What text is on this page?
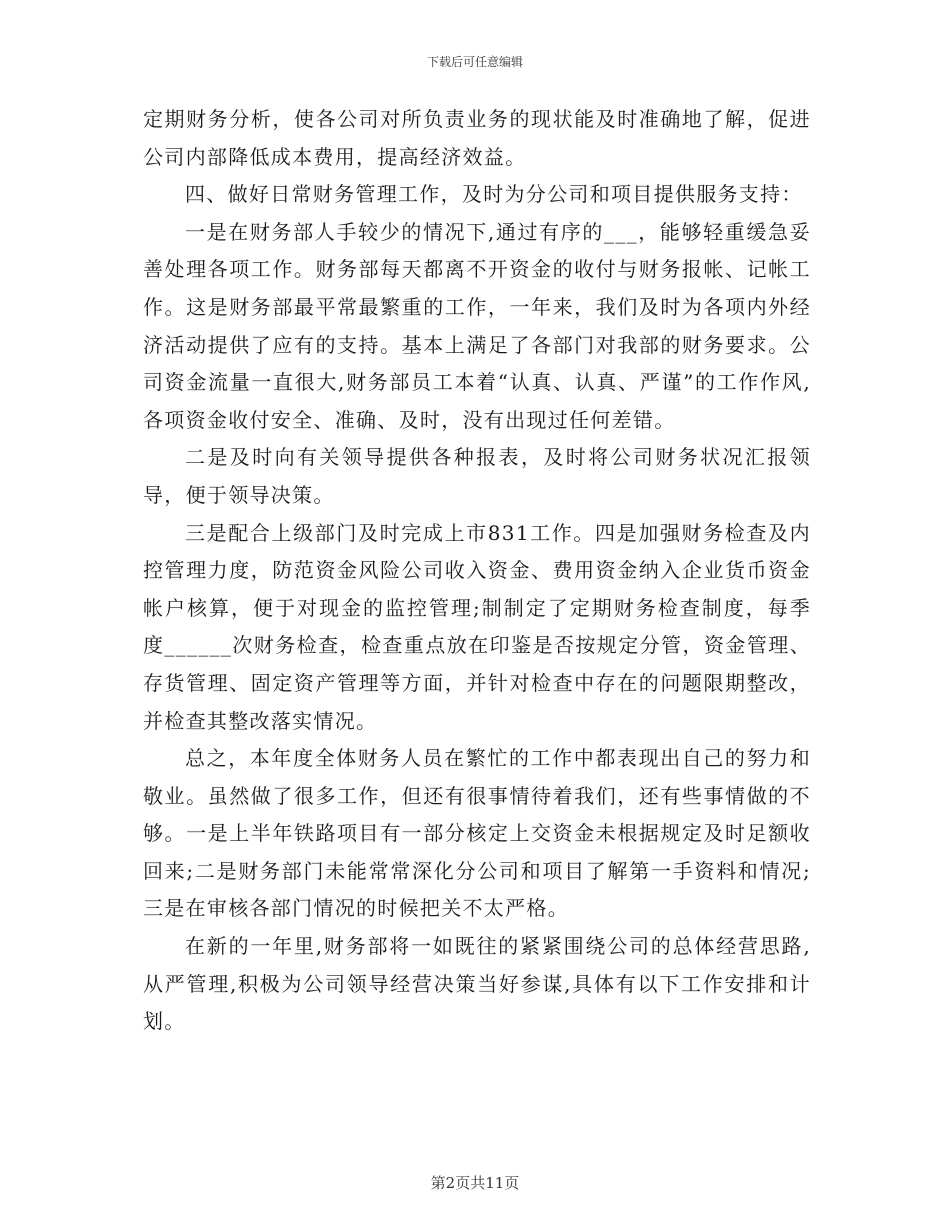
下载后可任意编辑

定期财务分析，使各公司对所负责业务的现状能及时准确地了解，促进公司内部降低成本费用，提高经济效益。

四、做好日常财务管理工作，及时为分公司和项目提供服务支持：

一是在财务部人手较少的情况下,通过有序的___，能够轻重缓急妥善处理各项工作。财务部每天都离不开资金的收付与财务报帐、记帐工作。这是财务部最平常最繁重的工作，一年来，我们及时为各项内外经济活动提供了应有的支持。基本上满足了各部门对我部的财务要求。公司资金流量一直很大,财务部员工本着“认真、认真、严谨”的工作作风,各项资金收付安全、准确、及时，没有出现过任何差错。

二是及时向有关领导提供各种报表，及时将公司财务状况汇报领导，便于领导决策。

三是配合上级部门及时完成上市831工作。四是加强财务检查及内控管理力度，防范资金风险公司收入资金、费用资金纳入企业货币资金帐户核算，便于对现金的监控管理;制制定了定期财务检查制度，每季度______次财务检查，检查重点放在印鉴是否按规定分管，资金管理、存货管理、固定资产管理等方面，并针对检查中存在的问题限期整改，并检查其整改落实情况。

总之，本年度全体财务人员在繁忙的工作中都表现出自己的努力和敬业。虽然做了很多工作，但还有很事情待着我们，还有些事情做的不够。一是上半年铁路项目有一部分核定上交资金未根据规定及时足额收回来;二是财务部门未能常常深化分公司和项目了解第一手资料和情况;三是在审核各部门情况的时候把关不太严格。

在新的一年里,财务部将一如既往的紧紧围绕公司的总体经营思路,从严管理,积极为公司领导经营决策当好参谋,具体有以下工作安排和计划。

第2页共11页
